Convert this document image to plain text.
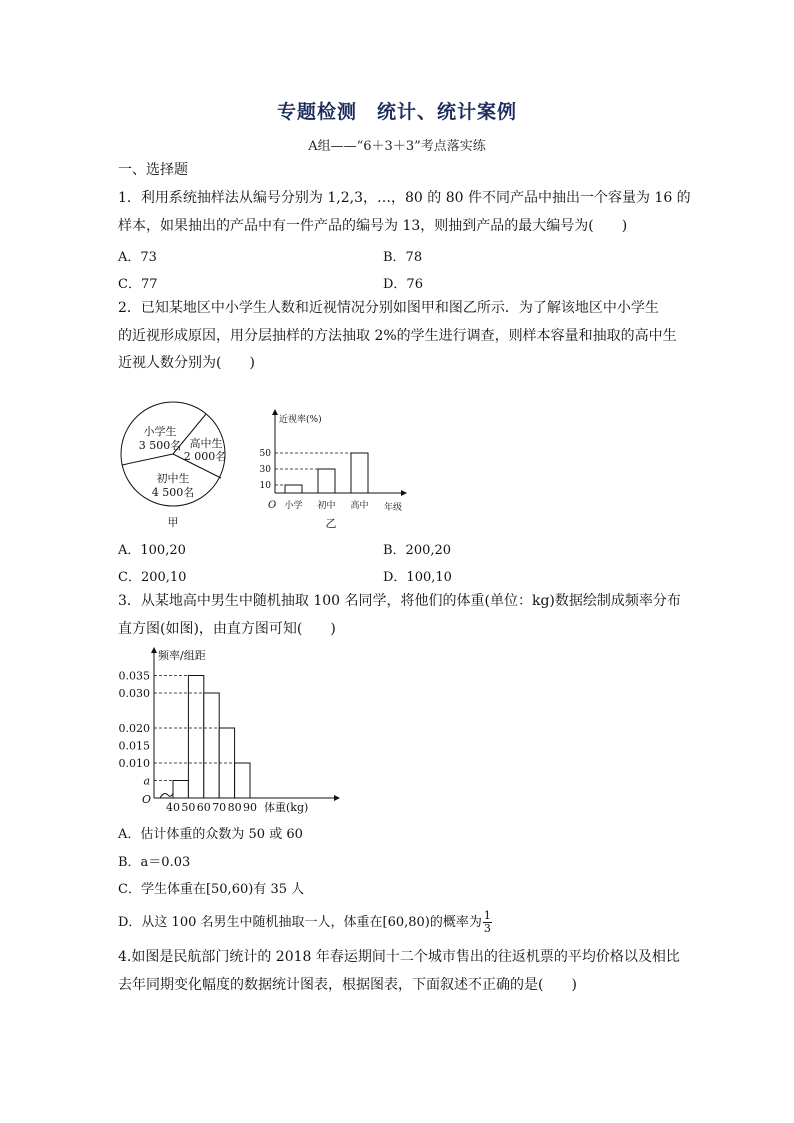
专题检测　统计、统计案例
A组——“6＋3＋3”考点落实练
一、选择题
1．利用系统抽样法从编号分别为 1,2,3，…，80 的 80 件不同产品中抽出一个容量为 16 的
样本，如果抽出的产品中有一件产品的编号为 13，则抽到产品的最大编号为(　　)
A．73	B．78
C．77	D．76
2．已知某地区中小学生人数和近视情况分别如图甲和图乙所示．为了解该地区中小学生
的近视形成原因，用分层抽样的方法抽取 2%的学生进行调查，则样本容量和抽取的高中生
近视人数分别为(　　)
小学生
3 500名 高中生
2 000名
初中生
4 500名
甲
近视率(%)
年级
O
乙
小学 初中 高中
10
30
50
A．100,20	B．200,20
C．200,10	D．100,10
3．从某地高中男生中随机抽取 100 名同学，将他们的体重(单位：kg)数据绘制成频率分布
直方图(如图)，由直方图可知(　　)
频率/组距
体重(kg)
O
40 50 60 70 80 90
a
0.010
0.015
0.020
0.030
0.035
A．估计体重的众数为 50 或 60
B．a＝0.03
C．学生体重在[50,60)有 35 人
D．从这 100 名男生中随机抽取一人，体重在[60,80)的概率为 $\frac{1}{3}$
4.如图是民航部门统计的 2018 年春运期间十二个城市售出的往返机票的平均价格以及相比
去年同期变化幅度的数据统计图表，根据图表，下面叙述不正确的是(　　)
